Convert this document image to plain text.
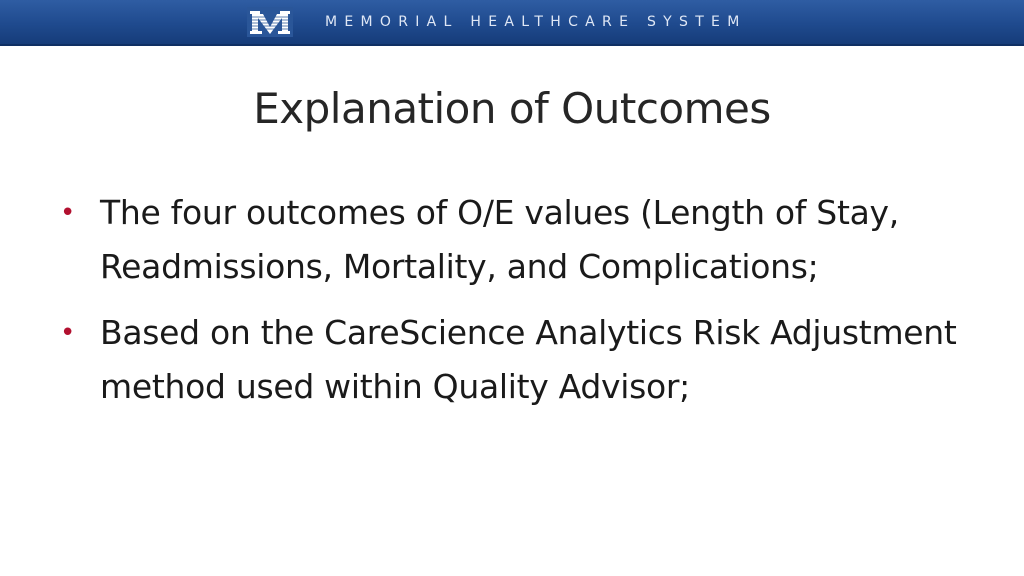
MEMORIAL HEALTHCARE SYSTEM
Explanation of Outcomes
• The four outcomes of O/E values (Length of Stay, Readmissions, Mortality, and Complications;
• Based on the CareScience Analytics Risk Adjustment method used within Quality Advisor;
